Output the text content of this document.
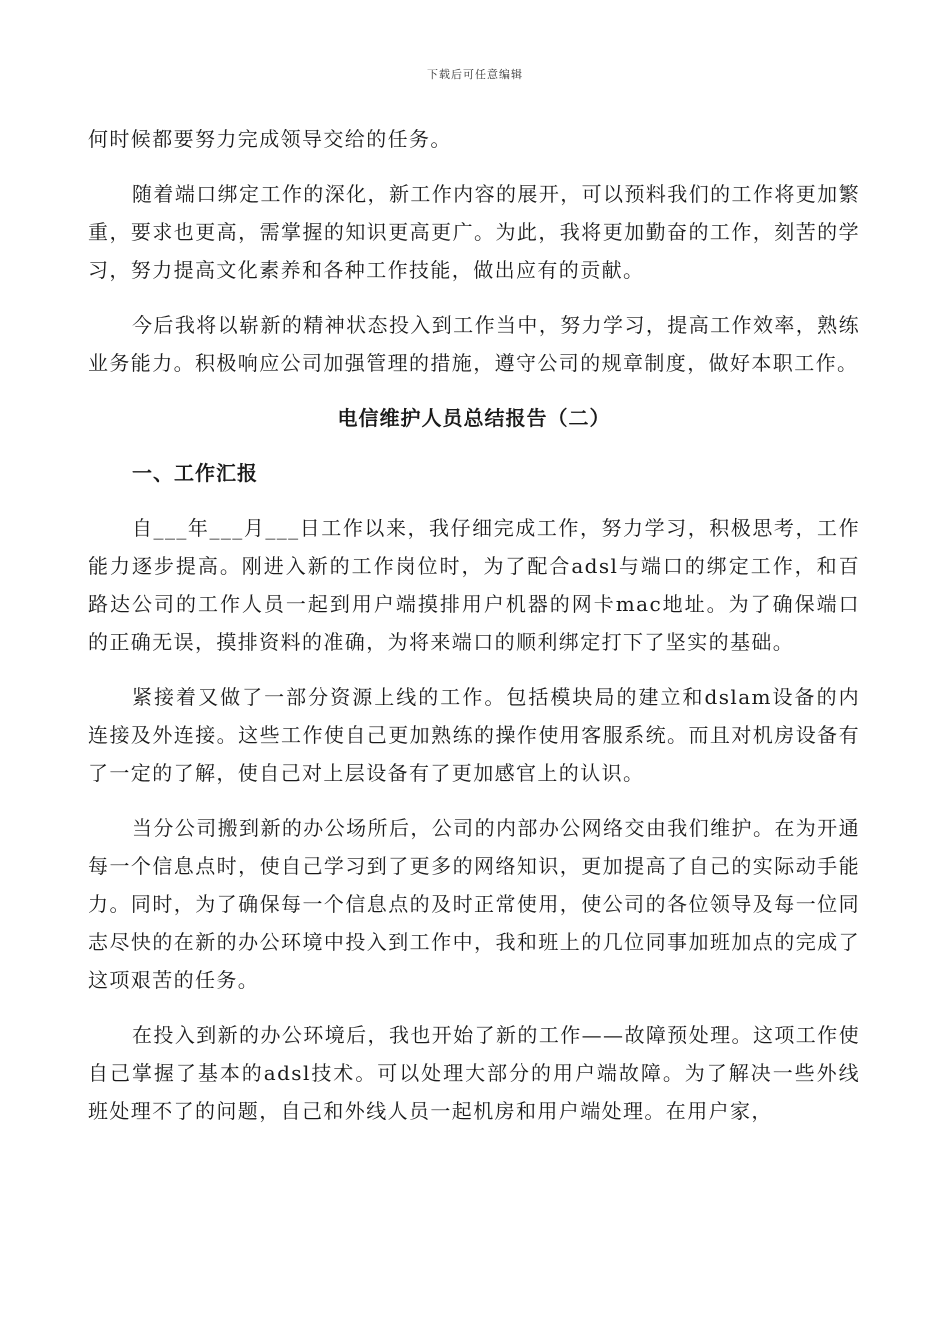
下载后可任意编辑

何时候都要努力完成领导交给的任务。

随着端口绑定工作的深化，新工作内容的展开，可以预料我们的工作将更加繁重，要求也更高，需掌握的知识更高更广。为此，我将更加勤奋的工作，刻苦的学习，努力提高文化素养和各种工作技能，做出应有的贡献。

今后我将以崭新的精神状态投入到工作当中，努力学习，提高工作效率，熟练业务能力。积极响应公司加强管理的措施，遵守公司的规章制度，做好本职工作。

电信维护人员总结报告（二）
一、工作汇报

自___年___月___日工作以来，我仔细完成工作，努力学习，积极思考，工作能力逐步提高。刚进入新的工作岗位时，为了配合adsl与端口的绑定工作，和百路达公司的工作人员一起到用户端摸排用户机器的网卡mac地址。为了确保端口的正确无误，摸排资料的准确，为将来端口的顺利绑定打下了坚实的基础。

紧接着又做了一部分资源上线的工作。包括模块局的建立和dslam设备的内连接及外连接。这些工作使自己更加熟练的操作使用客服系统。而且对机房设备有了一定的了解，使自己对上层设备有了更加感官上的认识。

当分公司搬到新的办公场所后，公司的内部办公网络交由我们维护。在为开通每一个信息点时，使自己学习到了更多的网络知识，更加提高了自己的实际动手能力。同时，为了确保每一个信息点的及时正常使用，使公司的各位领导及每一位同志尽快的在新的办公环境中投入到工作中，我和班上的几位同事加班加点的完成了这项艰苦的任务。

在投入到新的办公环境后，我也开始了新的工作——故障预处理。这项工作使自己掌握了基本的adsl技术。可以处理大部分的用户端故障。为了解决一些外线班处理不了的问题，自己和外线人员一起机房和用户端处理。在用户家，
